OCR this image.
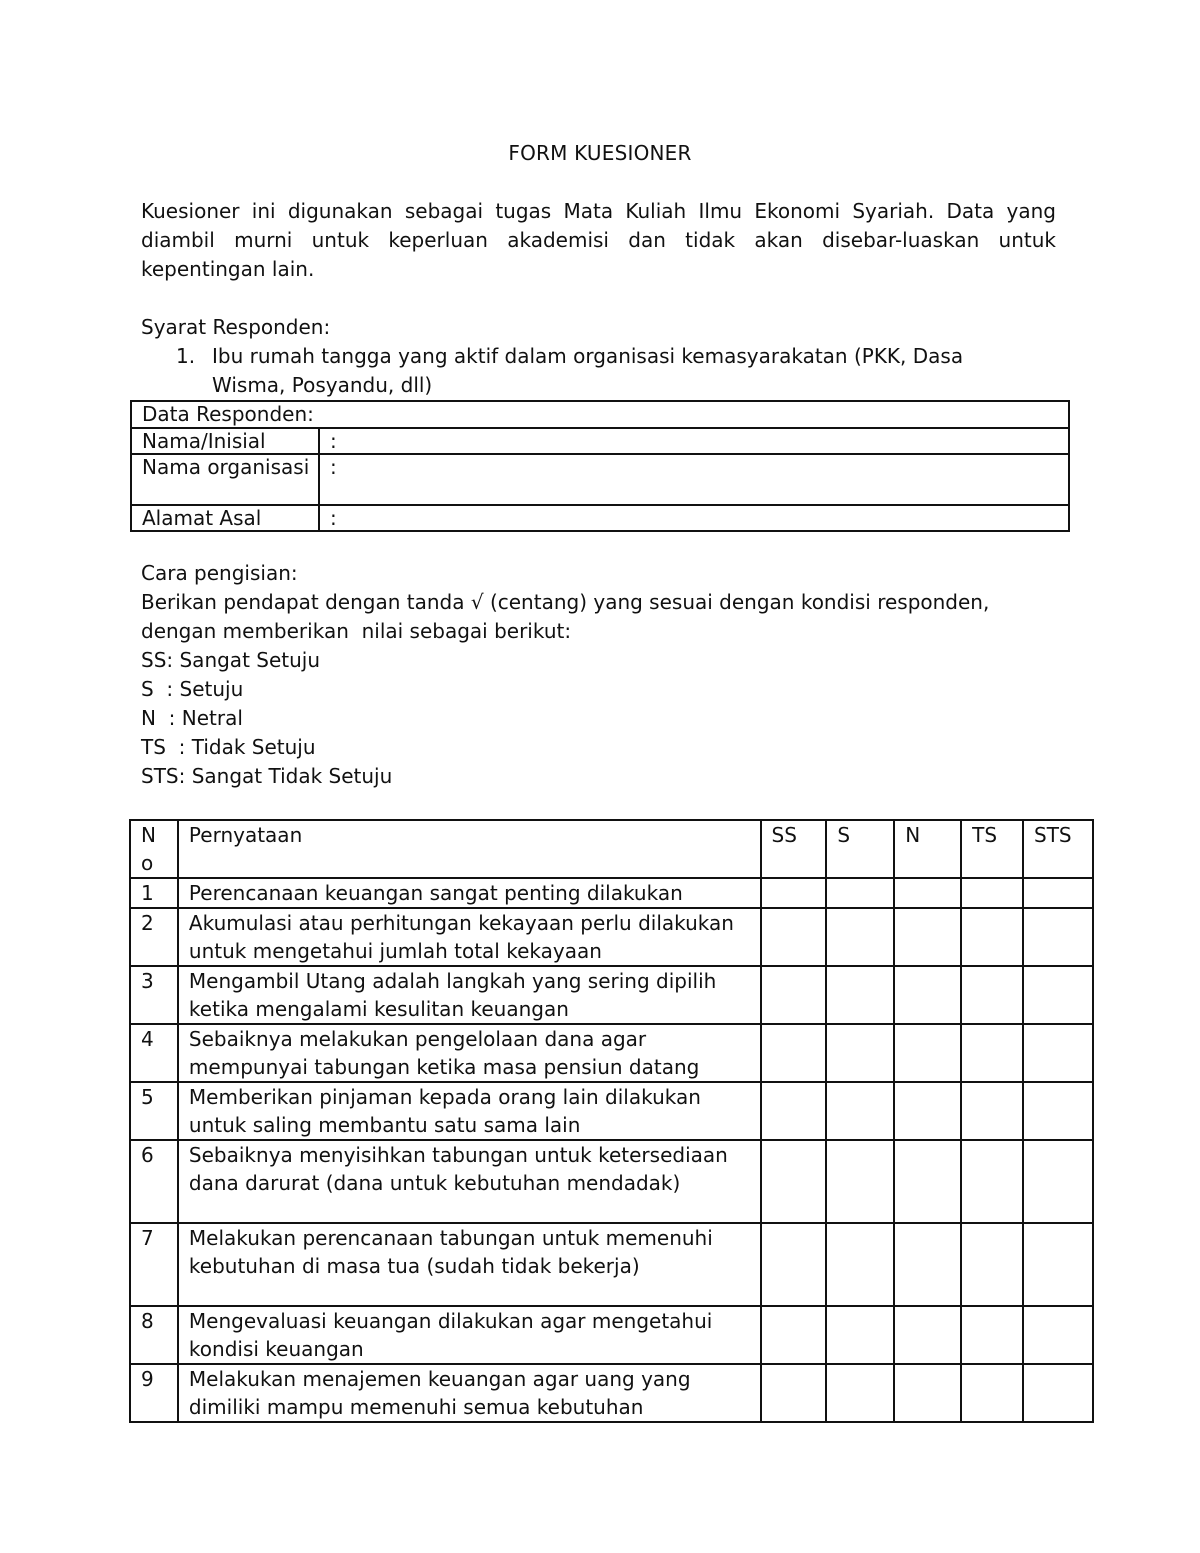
FORM KUESIONER
Kuesioner ini digunakan sebagai tugas Mata Kuliah Ilmu Ekonomi Syariah. Data yang diambil murni untuk keperluan akademisi dan tidak akan disebar-luaskan untuk kepentingan lain.
Syarat Responden:
1. Ibu rumah tangga yang aktif dalam organisasi kemasyarakatan (PKK, Dasa Wisma, Posyandu, dll)
Data Responden:	
Nama/Inisial	:
Nama organisasi	:
Alamat Asal	:
Cara pengisian:
Berikan pendapat dengan tanda √ (centang) yang sesuai dengan kondisi responden,
dengan memberikan  nilai sebagai berikut:
SS: Sangat Setuju
S  : Setuju
N  : Netral
TS  : Tidak Setuju
STS: Sangat Tidak Setuju
No	Pernyataan	SS	S	N	TS	STS
1	Perencanaan keuangan sangat penting dilakukan					
2	Akumulasi atau perhitungan kekayaan perlu dilakukan untuk mengetahui jumlah total kekayaan					
3	Mengambil Utang adalah langkah yang sering dipilih ketika mengalami kesulitan keuangan					
4	Sebaiknya melakukan pengelolaan dana agar mempunyai tabungan ketika masa pensiun datang					
5	Memberikan pinjaman kepada orang lain dilakukan untuk saling membantu satu sama lain					
6	Sebaiknya menyisihkan tabungan untuk ketersediaan dana darurat (dana untuk kebutuhan mendadak)					
7	Melakukan perencanaan tabungan untuk memenuhi kebutuhan di masa tua (sudah tidak bekerja)					
8	Mengevaluasi keuangan dilakukan agar mengetahui kondisi keuangan					
9	Melakukan menajemen keuangan agar uang yang dimiliki mampu memenuhi semua kebutuhan					
